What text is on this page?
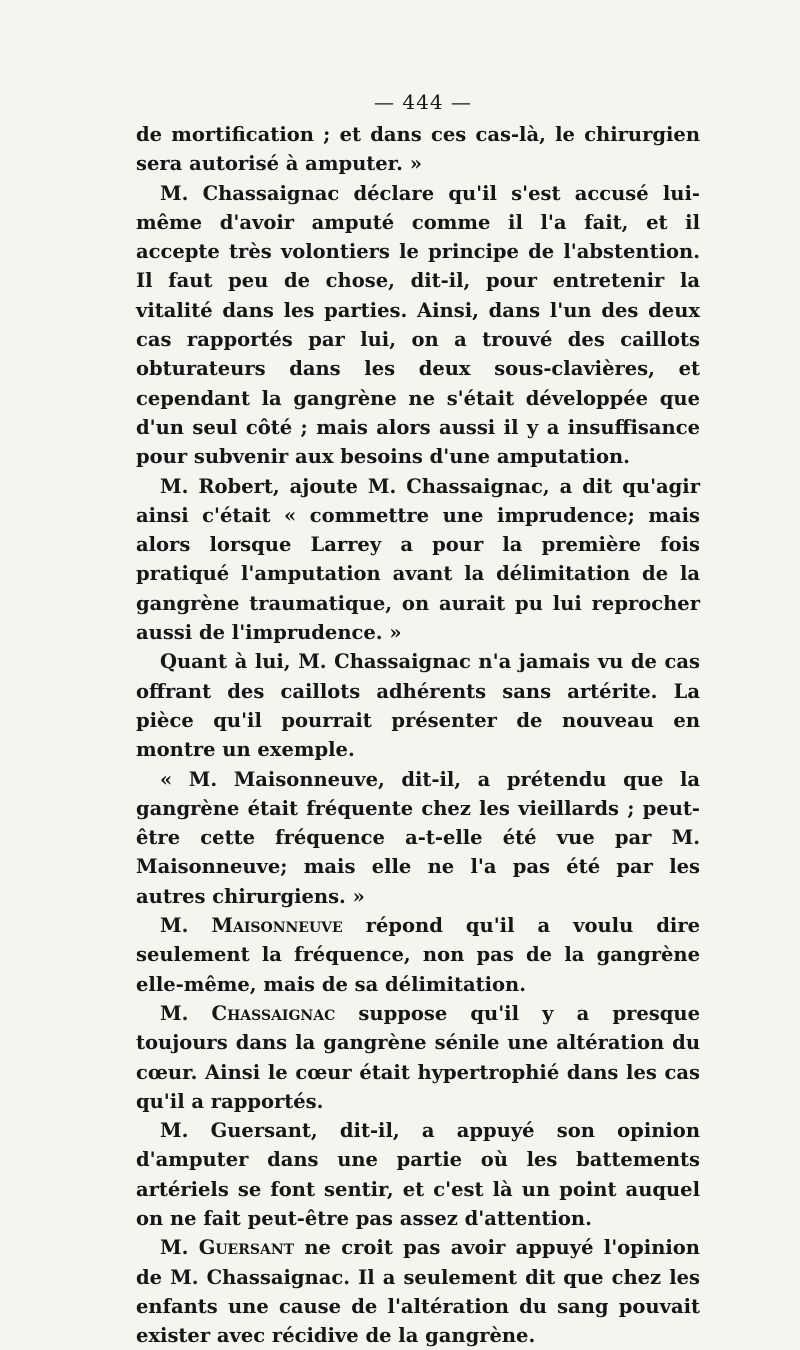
— 444 —

de mortification ; et dans ces cas-là, le chirurgien sera autorisé à amputer. »

M. Chassaignac déclare qu'il s'est accusé lui-même d'avoir amputé comme il l'a fait, et il accepte très volontiers le principe de l'abstention. Il faut peu de chose, dit-il, pour entretenir la vitalité dans les parties. Ainsi, dans l'un des deux cas rapportés par lui, on a trouvé des caillots obturateurs dans les deux sous-clavières, et cependant la gangrène ne s'était développée que d'un seul côté ; mais alors aussi il y a insuffisance pour subvenir aux besoins d'une amputation.

M. Robert, ajoute M. Chassaignac, a dit qu'agir ainsi c'était « commettre une imprudence; mais alors lorsque Larrey a pour la première fois pratiqué l'amputation avant la délimitation de la gangrène traumatique, on aurait pu lui reprocher aussi de l'imprudence. »

Quant à lui, M. Chassaignac n'a jamais vu de cas offrant des caillots adhérents sans artérite. La pièce qu'il pourrait présenter de nouveau en montre un exemple.

« M. Maisonneuve, dit-il, a prétendu que la gangrène était fréquente chez les vieillards ; peut-être cette fréquence a-t-elle été vue par M. Maisonneuve; mais elle ne l'a pas été par les autres chirurgiens. »

M. Maisonneuve répond qu'il a voulu dire seulement la fréquence, non pas de la gangrène elle-même, mais de sa délimitation.

M. Chassaignac suppose qu'il y a presque toujours dans la gangrène sénile une altération du cœur. Ainsi le cœur était hypertrophié dans les cas qu'il a rapportés.

M. Guersant, dit-il, a appuyé son opinion d'amputer dans une partie où les battements artériels se font sentir, et c'est là un point auquel on ne fait peut-être pas assez d'attention.

M. Guersant ne croit pas avoir appuyé l'opinion de M. Chassaignac. Il a seulement dit que chez les enfants une cause de l'altération du sang pouvait exister avec récidive de la gangrène.
